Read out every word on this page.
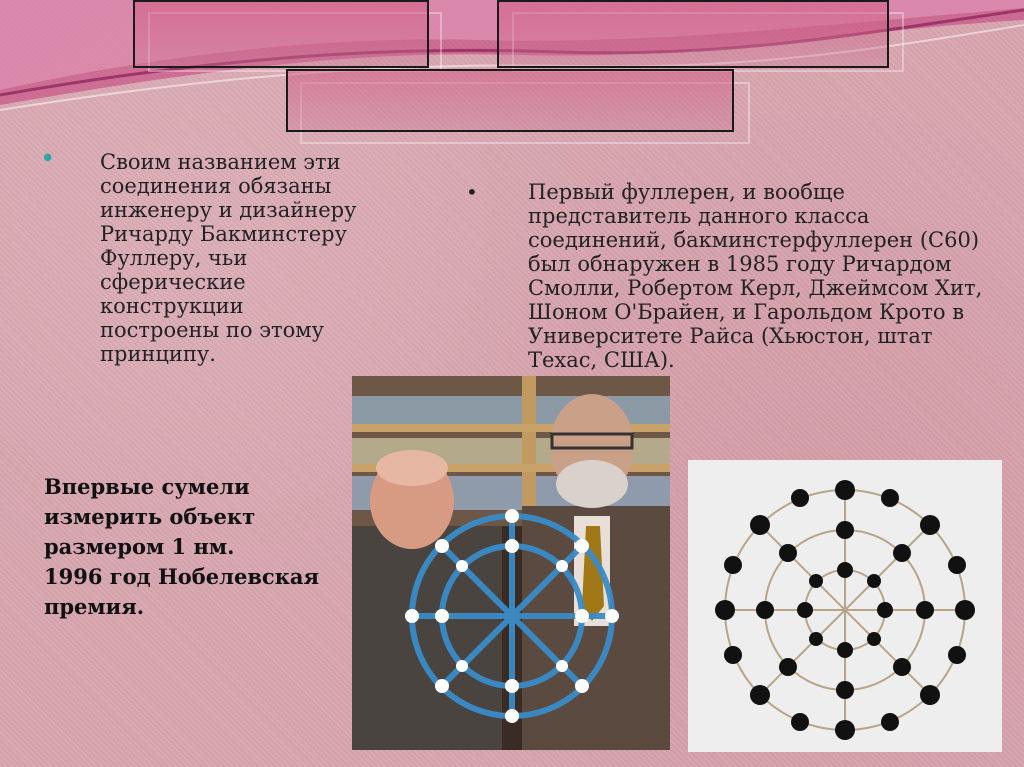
• Своим названием эти соединения обязаны инженеру и дизайнеру Ричарду Бакминстеру Фуллеру, чьи сферические конструкции построены по этому принципу.
• Первый фуллерен, и вообще представитель данного класса соединений, бакминстерфуллерен (С60) был обнаружен в 1985 году Ричардом Смолли, Робертом Керл, Джеймсом Хит, Шоном О'Брайен, и Гарольдом Крото в Университете Райса (Хьюстон, штат Техас, США).
Впервые сумели
измерить объект
размером 1 нм.
1996 год Нобелевская
премия.
